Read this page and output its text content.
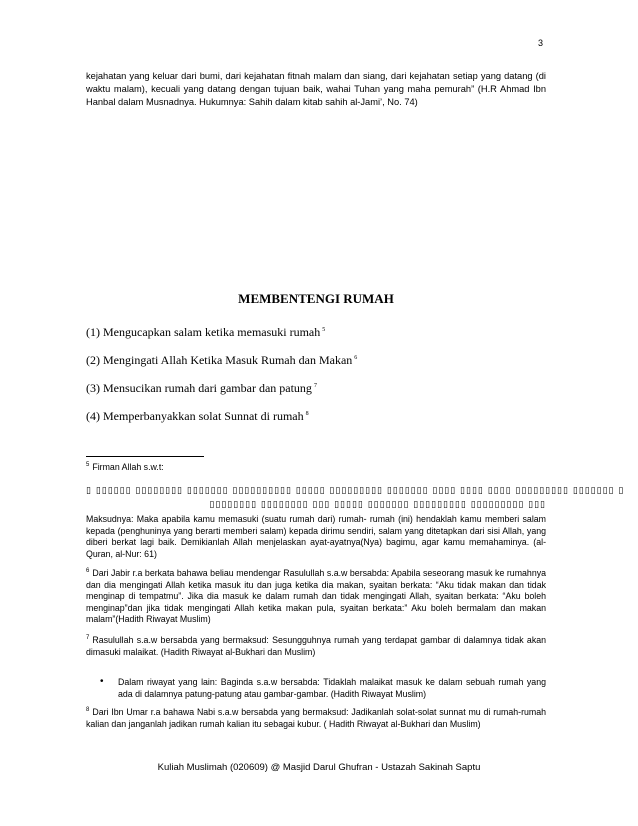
3

kejahatan yang keluar dari bumi, dari kejahatan fitnah malam dan siang, dari kejahatan setiap yang datang (di waktu malam), kecuali yang datang dengan tujuan baik, wahai Tuhan yang maha pemurah” (H.R Ahmad Ibn Hanbal dalam Musnadnya. Hukumnya: Sahih dalam kitab sahih al-Jami’, No. 74)

MEMBENTENGI RUMAH
(1) Mengucapkan salam ketika memasuki rumah $^5$
(2) Mengingati Allah Ketika Masuk Rumah dan Makan $^6$
(3) Mensucikan rumah dari gambar dan patung $^7$
(4) Memperbanyakkan solat Sunnat di rumah $^8$

$^5$ Firman Allah s.w.t:

▯ ▯▯▯▯▯▯ ▯▯▯▯▯▯▯▯ ▯▯▯▯▯▯▯ ▯▯▯▯▯▯▯▯▯▯ ▯▯▯▯▯ ▯▯▯▯▯▯▯▯▯ ▯▯▯▯▯▯▯ ▯▯▯▯ ▯▯▯▯ ▯▯▯▯ ▯▯▯▯▯▯▯▯▯ ▯▯▯▯▯▯▯ ▯
▯▯▯▯▯▯▯▯ ▯▯▯▯▯▯▯▯ ▯▯▯ ▯▯▯▯▯ ▯▯▯▯▯▯▯ ▯▯▯▯▯▯▯▯▯ ▯▯▯▯▯▯▯▯▯ ▯▯▯

Maksudnya: Maka apabila kamu memasuki (suatu rumah dari) rumah- rumah (ini) hendaklah kamu memberi salam kepada (penghuninya yang berarti memberi salam) kepada dirimu sendiri, salam yang ditetapkan dari sisi Allah, yang diberi berkat lagi baik. Demikianlah Allah menjelaskan ayat-ayatnya(Nya) bagimu, agar kamu memahaminya. (al-Quran, al-Nur: 61)

$^6$ Dari Jabir r.a berkata bahawa beliau mendengar Rasulullah s.a.w bersabda: Apabila seseorang masuk ke rumahnya dan dia mengingati Allah ketika masuk itu dan juga ketika dia makan, syaitan berkata: “Aku tidak makan dan tidak menginap di tempatmu”. Jika dia masuk ke dalam rumah dan tidak mengingati Allah, syaitan berkata: “Aku boleh menginap”dan jika tidak mengingati Allah ketika makan pula, syaitan berkata:” Aku boleh bermalam dan makan malam”(Hadith Riwayat Muslim)

$^7$ Rasulullah s.a.w bersabda yang bermaksud: Sesungguhnya rumah yang terdapat gambar di dalamnya tidak akan dimasuki malaikat. (Hadith Riwayat al-Bukhari dan Muslim)

• Dalam riwayat yang lain: Baginda s.a.w bersabda: Tidaklah malaikat masuk ke dalam sebuah rumah yang ada di dalamnya patung-patung atau gambar-gambar. (Hadith Riwayat Muslim)

$^8$ Dari Ibn Umar r.a bahawa Nabi s.a.w bersabda yang bermaksud: Jadikanlah solat-solat sunnat mu di rumah-rumah kalian dan janganlah jadikan rumah kalian itu sebagai kubur. ( Hadith Riwayat al-Bukhari dan Muslim)

Kuliah Muslimah (020609) @ Masjid Darul Ghufran - Ustazah Sakinah Saptu
